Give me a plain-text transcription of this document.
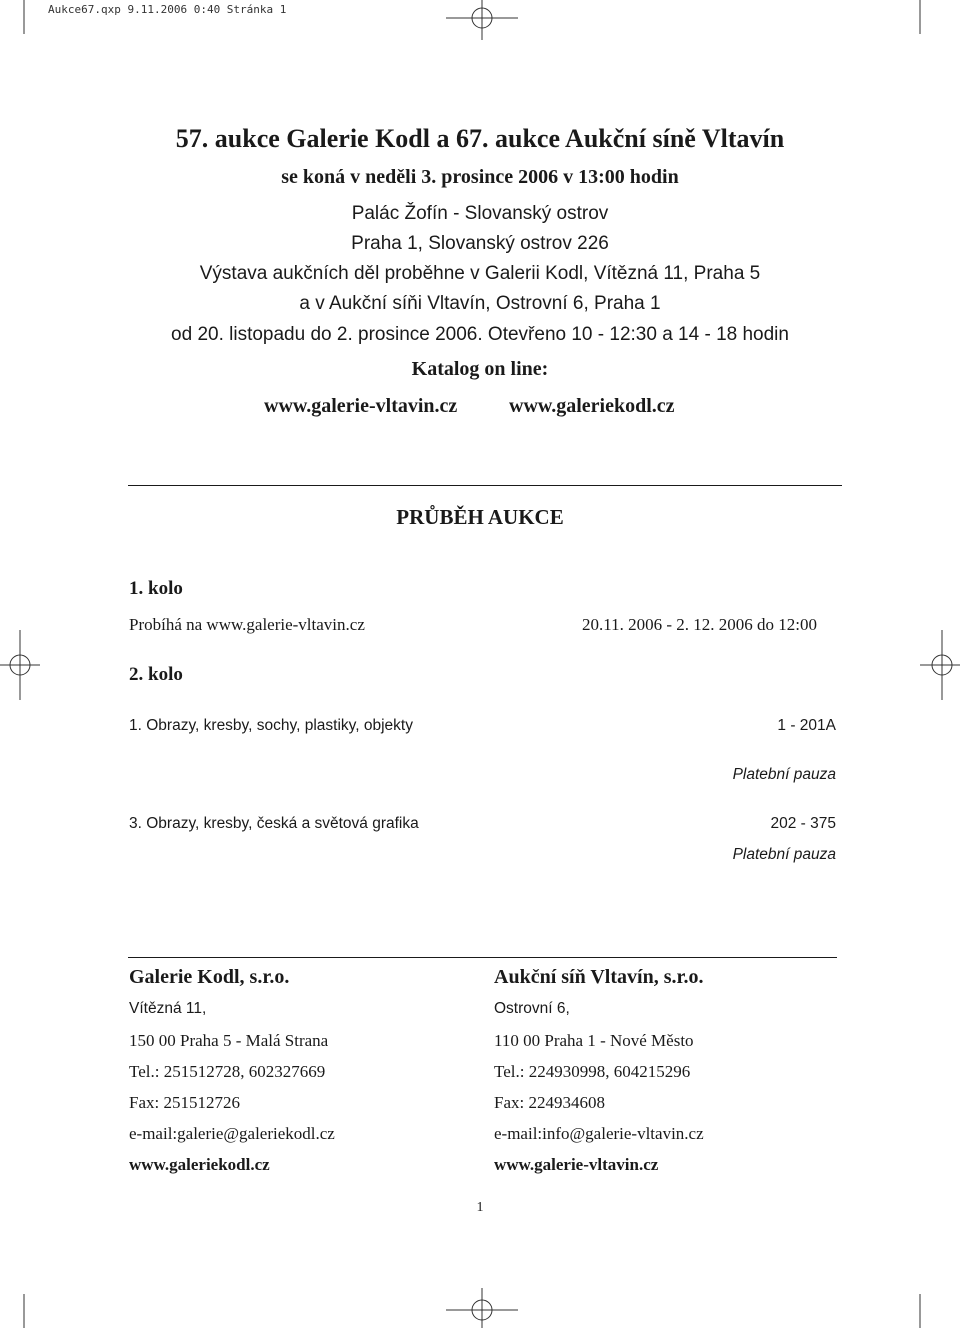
Aukce67.qxp 9.11.2006 0:40 Stránka 1
57. aukce Galerie Kodl a 67. aukce Aukční síně Vltavín
se koná v neděli 3. prosince 2006 v 13:00 hodin
Palác Žofín - Slovanský ostrov
Praha 1, Slovanský ostrov 226
Výstava aukčních děl proběhne v Galerii Kodl, Vítězná 11, Praha 5
a v Aukční síňi Vltavín, Ostrovní 6, Praha 1
od 20. listopadu do 2. prosince 2006. Otevřeno 10 - 12:30 a 14 - 18 hodin
Katalog on line:
www.galerie-vltavin.cz	www.galeriekodl.cz
PRŮBĚH AUKCE
1. kolo
Probíhá na www.galerie-vltavin.cz	20.11. 2006 - 2. 12. 2006 do 12:00
2. kolo
1. Obrazy, kresby, sochy, plastiky, objekty	1 - 201A
Platební pauza
3. Obrazy, kresby, česká a světová grafika	202 - 375
Platební pauza
Galerie Kodl, s.r.o.
Vítězná 11,
150 00 Praha 5 - Malá Strana
Tel.: 251512728, 602327669
Fax: 251512726
e-mail:galerie@galeriekodl.cz
www.galeriekodl.cz
Aukční síň Vltavín, s.r.o.
Ostrovní 6,
110 00 Praha 1 - Nové Město
Tel.: 224930998, 604215296
Fax: 224934608
e-mail:info@galerie-vltavin.cz
www.galerie-vltavin.cz
1
